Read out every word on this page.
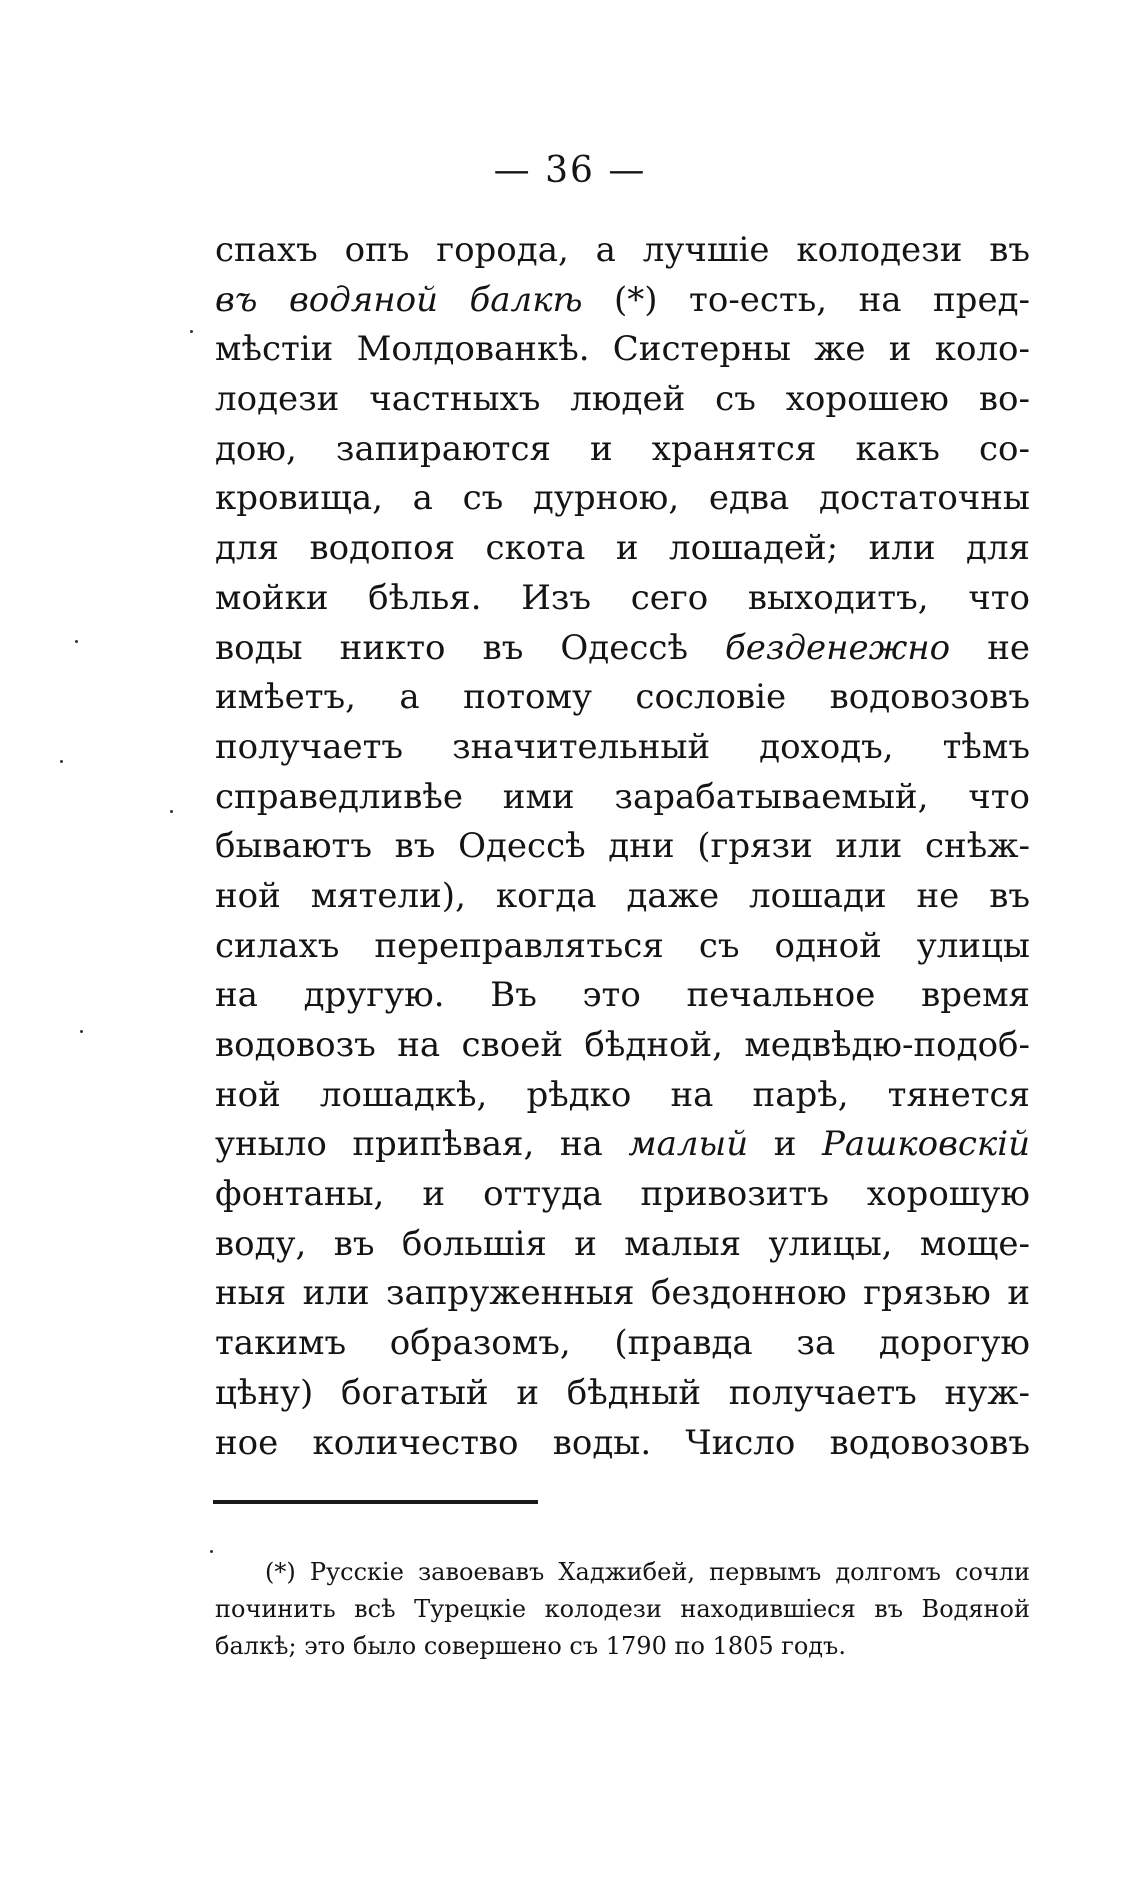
— 36 —
спахъ опъ города, а лучшіе колодези въ
въ водяной балкѣ (*) то-есть, на пред-
мѣстіи Молдованкѣ. Систерны же и коло-
лодези частныхъ людей съ хорошею во-
дою, запираются и хранятся какъ со-
кровища, а съ дурною, едва достаточны
для водопоя скота и лошадей; или для
мойки бѣлья. Изъ сего выходитъ, что
воды никто въ Одессѣ безденежно не
имѣетъ, а потому сословіе водовозовъ
получаетъ значительный доходъ, тѣмъ
справедливѣе ими зарабатываемый, что
бываютъ въ Одессѣ дни (грязи или снѣж-
ной мятели), когда даже лошади не въ
силахъ переправляться съ одной улицы
на другую. Въ это печальное время
водовозъ на своей бѣдной, медвѣдю-подоб-
ной лошадкѣ, рѣдко на парѣ, тянется
уныло припѣвая, на малый и Рашковскій
фонтаны, и оттуда привозитъ хорошую
воду, въ большія и малыя улицы, моще-
ныя или запруженныя бездонною грязью и
такимъ образомъ, (правда за дорогую
цѣну) богатый и бѣдный получаетъ нуж-
ное количество воды. Число водовозовъ
(*) Русскіе завоевавъ Хаджибей, первымъ долгомъ сочли
починить всѣ Турецкіе колодези находившіеся въ Водяной
балкѣ; это было совершено съ 1790 по 1805 годъ.
